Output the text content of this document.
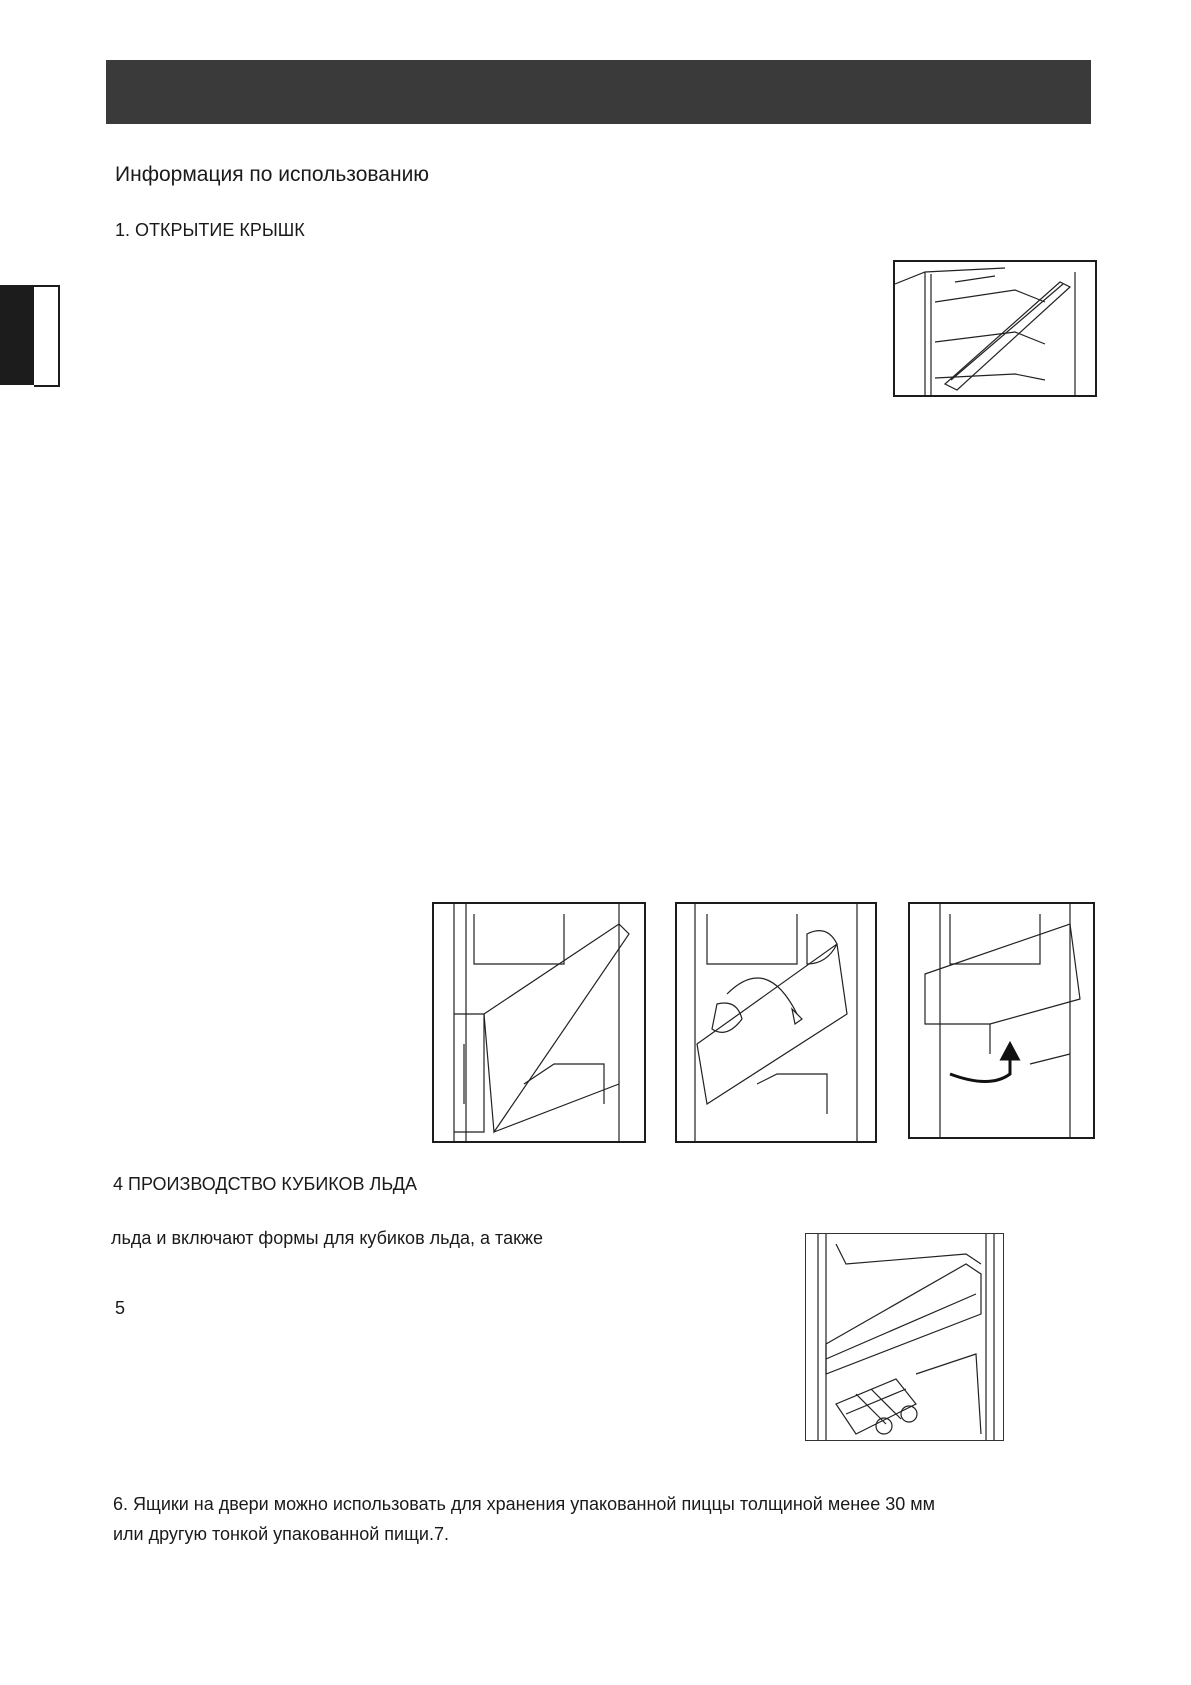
Информация по использованию
1. ОТКРЫТИЕ КРЫШК
4 ПРОИЗВОДСТВО КУБИКОВ ЛЬДА
льда и включают формы для кубиков льда, а также
5
6. Ящики на двери можно использовать для хранения упакованной пиццы толщиной менее 30 мм
или другую тонкой упакованной пищи.7.
